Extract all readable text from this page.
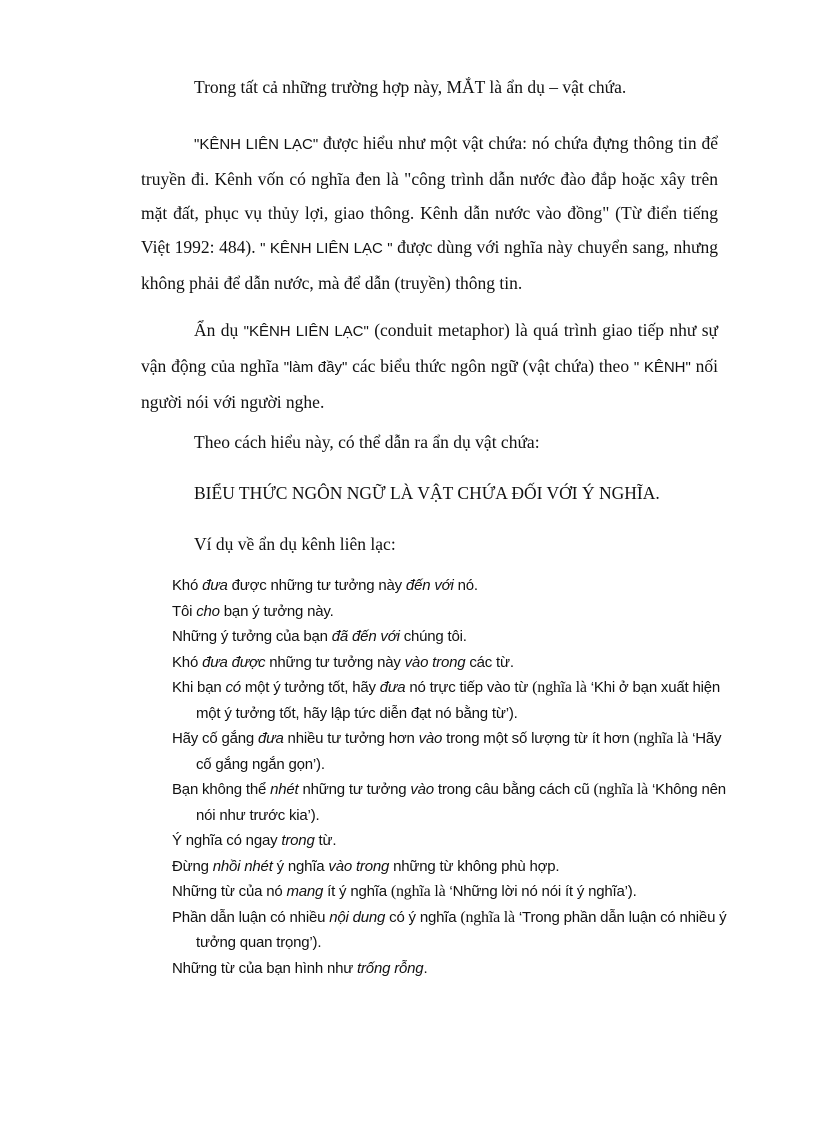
Trong tất cả những trường hợp này, MẮT là ẩn dụ – vật chứa.

"KÊNH LIÊN LẠC" được hiểu như một vật chứa: nó chứa đựng thông tin để truyền đi. Kênh vốn có nghĩa đen là "công trình dẫn nước đào đắp hoặc xây trên mặt đất, phục vụ thủy lợi, giao thông. Kênh dẫn nước vào đồng" (Từ điển tiếng Việt 1992: 484). " KÊNH LIÊN LẠC " được dùng với nghĩa này chuyển sang, nhưng không phải để dẫn nước, mà để dẫn (truyền) thông tin.

Ẩn dụ "KÊNH LIÊN LẠC" (conduit metaphor) là quá trình giao tiếp như sự vận động của nghĩa "làm đầy" các biểu thức ngôn ngữ (vật chứa) theo " KÊNH" nối người nói với người nghe.

Theo cách hiểu này, có thể dẫn ra ẩn dụ vật chứa:

BIỂU THỨC NGÔN NGỮ LÀ VẬT CHỨA ĐỐI VỚI Ý NGHĨA.

Ví dụ về ẩn dụ kênh liên lạc:

Khó đưa được những tư tưởng này đến với nó.
Tôi cho bạn ý tưởng này.
Những ý tưởng của bạn đã đến với chúng tôi.
Khó đưa được những tư tưởng này vào trong các từ.
Khi bạn có một ý tưởng tốt, hãy đưa nó trực tiếp vào từ (nghĩa là ‘Khi ở bạn xuất hiện một ý tưởng tốt, hãy lập tức diễn đạt nó bằng từ’).
Hãy cố gắng đưa nhiều tư tưởng hơn vào trong một số lượng từ ít hơn (nghĩa là ‘Hãy cố gắng ngắn gọn’).
Bạn không thể nhét những tư tưởng vào trong câu bằng cách cũ (nghĩa là ‘Không nên nói như trước kia’).
Ý nghĩa có ngay trong từ.
Đừng nhồi nhét ý nghĩa vào trong những từ không phù hợp.
Những từ của nó mang ít ý nghĩa (nghĩa là ‘Những lời nó nói ít ý nghĩa’).
Phần dẫn luận có nhiều nội dung có ý nghĩa (nghĩa là ‘Trong phần dẫn luận có nhiều ý tưởng quan trọng’).
Những từ của bạn hình như trống rỗng.
